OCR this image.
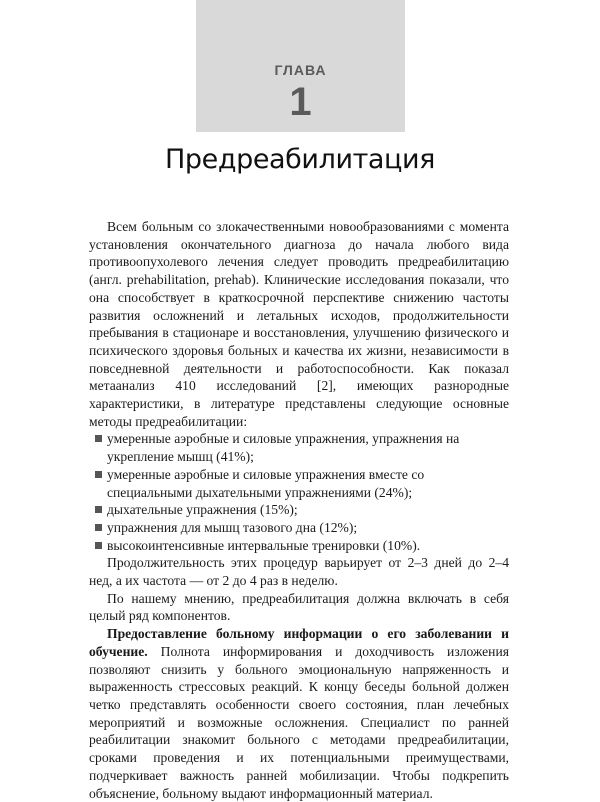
ГЛАВА
1
Предреабилитация

Всем больным со злокачественными новообразованиями с момента установления окончательного диагноза до начала любого вида противоопухолевого лечения следует проводить предреабилитацию (англ. prehabilitation, prehab). Клинические исследования показали, что она способствует в краткосрочной перспективе снижению частоты развития осложнений и летальных исходов, продолжительности пребывания в стационаре и восстановления, улучшению физического и психического здоровья больных и качества их жизни, независимости в повседневной деятельности и работоспособности. Как показал метаанализ 410 исследований [2], имеющих разнородные характеристики, в литературе представлены следующие основные методы предреабилитации:

умеренные аэробные и силовые упражнения, упражнения на укрепление мышц (41%);
умеренные аэробные и силовые упражнения вместе со специальными дыхательными упражнениями (24%);
дыхательные упражнения (15%);
упражнения для мышц тазового дна (12%);
высокоинтенсивные интервальные тренировки (10%).

Продолжительность этих процедур варьирует от 2–3 дней до 2–4 нед, а их частота — от 2 до 4 раз в неделю.

По нашему мнению, предреабилитация должна включать в себя целый ряд компонентов.

Предоставление больному информации о его заболевании и обучение. Полнота информирования и доходчивость изложения позволяют снизить у больного эмоциональную напряженность и выраженность стрессовых реакций. К концу беседы больной должен четко представлять особенности своего состояния, план лечебных мероприятий и возможные осложнения. Специалист по ранней реабилитации знакомит больного с методами предреабилитации, сроками проведения и их потенциальными преимуществами, подчеркивает важность ранней мобилизации. Чтобы подкрепить объяснение, больному выдают информационный материал.
